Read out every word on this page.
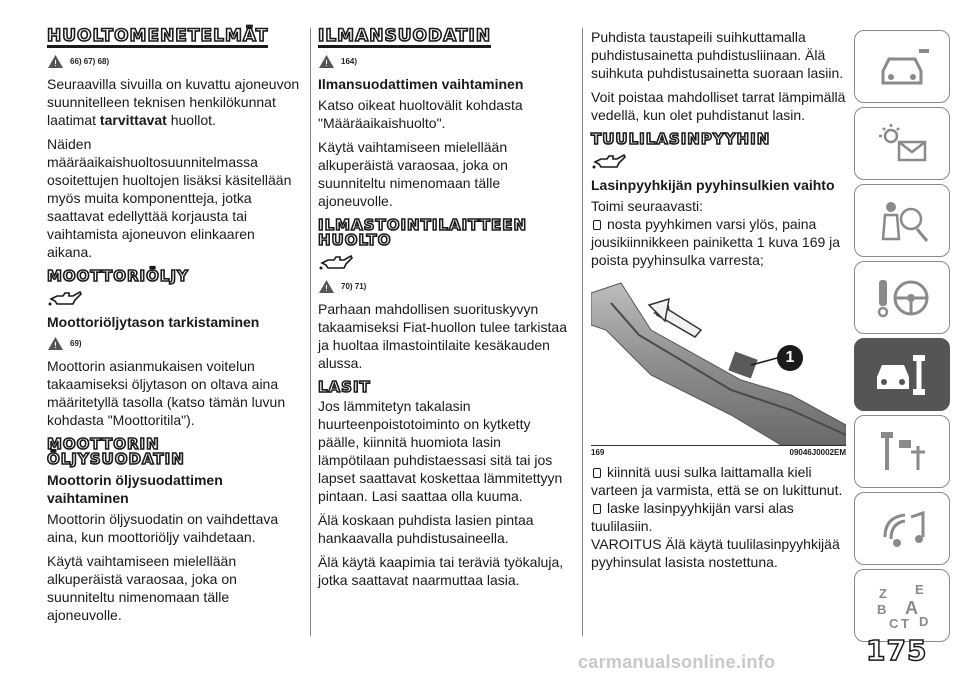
HUOLTOMENETELMÄT
66) 67) 68)

Seuraavilla sivuilla on kuvattu ajoneuvon suunnitelleen teknisen henkilökunnat laatimat tarvittavat huollot.

Näiden määräaikaishuoltosuunnitelmassa osoitettujen huoltojen lisäksi käsitellään myös muita komponentteja, jotka saattavat edellyttää korjausta tai vaihtamista ajoneuvon elinkaaren aikana.

MOOTTORIÖLJY
Moottoriöljytason tarkistaminen
69)

Moottorin asianmukaisen voitelun takaamiseksi öljytason on oltava aina määritetyllä tasolla (katso tämän luvun kohdasta "Moottoritila").

MOOTTORIN
ÖLJYSUODATIN
Moottorin öljysuodattimen vaihtaminen

Moottorin öljysuodatin on vaihdettava aina, kun moottoriöljy vaihdetaan.

Käytä vaihtamiseen mielellään alkuperäistä varaosaa, joka on suunniteltu nimenomaan tälle ajoneuvolle.

ILMANSUODATIN
164)
Ilmansuodattimen vaihtaminen

Katso oikeat huoltovälit kohdasta "Määräaikaishuolto".

Käytä vaihtamiseen mielellään alkuperäistä varaosaa, joka on suunniteltu nimenomaan tälle ajoneuvolle.

ILMASTOINTILAITTEEN
HUOLTO
70) 71)

Parhaan mahdollisen suorituskyvyn takaamiseksi Fiat-huollon tulee tarkistaa ja huoltaa ilmastointilaite kesäkauden alussa.

LASIT

Jos lämmitetyn takalasin huurteenpoistotoiminto on kytketty päälle, kiinnitä huomiota lasin lämpötilaan puhdistaessasi sitä tai jos lapset saattavat koskettaa lämmitettyyn pintaan. Lasi saattaa olla kuuma.

Älä koskaan puhdista lasien pintaa hankaavalla puhdistusaineella.

Älä käytä kaapimia tai teräviä työkaluja, jotka saattavat naarmuttaa lasia.

Puhdista taustapeili suihkuttamalla puhdistusainetta puhdistusliinaan. Älä suihkuta puhdistusainetta suoraan lasiin.

Voit poistaa mahdolliset tarrat lämpimällä vedellä, kun olet puhdistanut lasin.

TUULILASINPYYHIN
Lasinpyyhkijän pyyhinsulkien vaihto

Toimi seuraavasti:

nosta pyyhkimen varsi ylös, paina jousikiinnikkeen painiketta 1 kuva 169 ja poista pyyhinsulka varresta;

1
169	09046J0002EM

kiinnitä uusi sulka laittamalla kieli varteen ja varmista, että se on lukittunut.

laske lasinpyyhkijän varsi alas tuulilasiin.

VAROITUS Älä käytä tuulilasinpyyhkijää pyyhinsulat lasista nostettuna.

Z E
B A
C T D
175
carmanualsonline.info
